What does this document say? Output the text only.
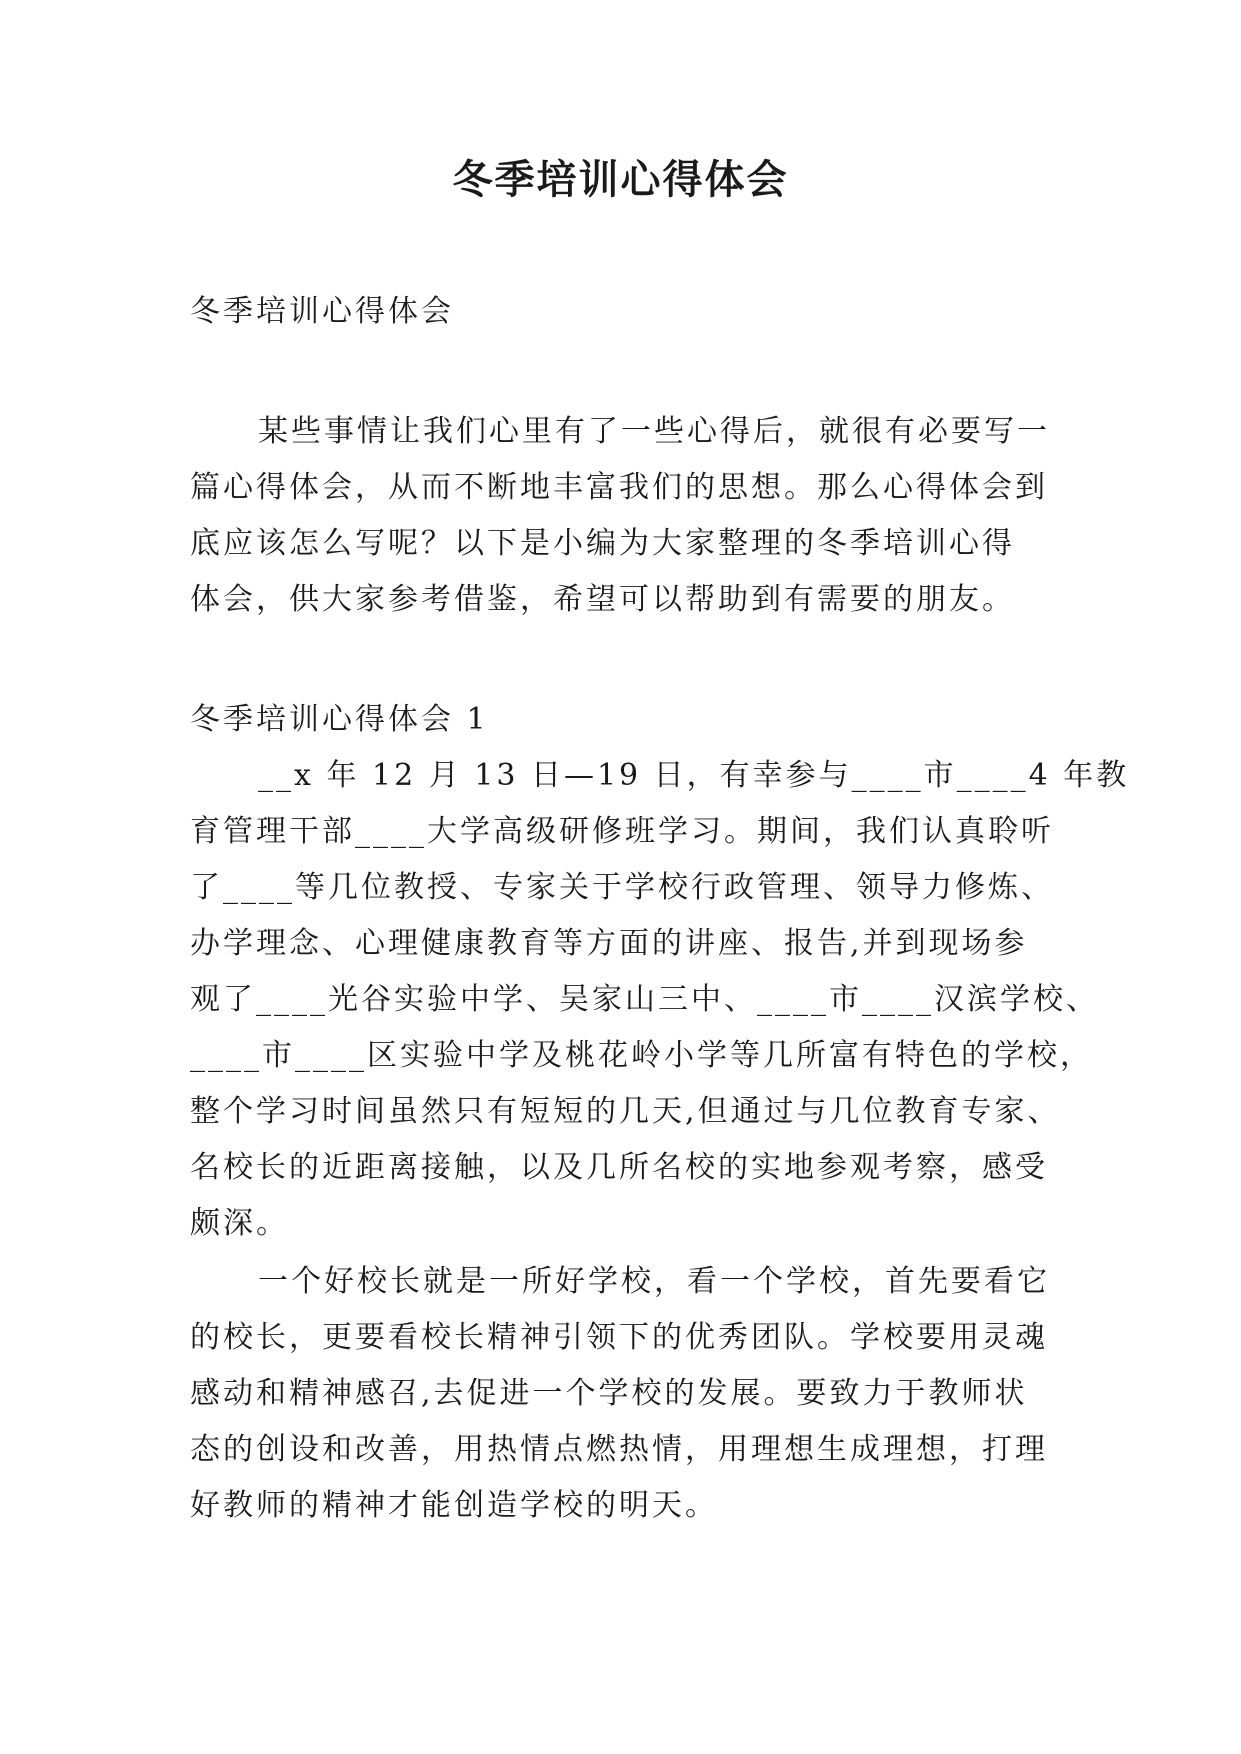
冬季培训心得体会

冬季培训心得体会

某些事情让我们心里有了一些心得后，就很有必要写一

篇心得体会，从而不断地丰富我们的思想。那么心得体会到

底应该怎么写呢？以下是小编为大家整理的冬季培训心得

体会，供大家参考借鉴，希望可以帮助到有需要的朋友。

冬季培训心得体会 1

__x 年 12 月 13 日—19 日，有幸参与____市____4 年教

育管理干部____大学高级研修班学习。期间，我们认真聆听

了____等几位教授、专家关于学校行政管理、领导力修炼、

办学理念、心理健康教育等方面的讲座、报告,并到现场参

观了____光谷实验中学、吴家山三中、____市____汉滨学校、

____市____区实验中学及桃花岭小学等几所富有特色的学校，

整个学习时间虽然只有短短的几天,但通过与几位教育专家、

名校长的近距离接触，以及几所名校的实地参观考察，感受

颇深。

一个好校长就是一所好学校，看一个学校，首先要看它

的校长，更要看校长精神引领下的优秀团队。学校要用灵魂

感动和精神感召,去促进一个学校的发展。要致力于教师状

态的创设和改善，用热情点燃热情，用理想生成理想，打理

好教师的精神才能创造学校的明天。
